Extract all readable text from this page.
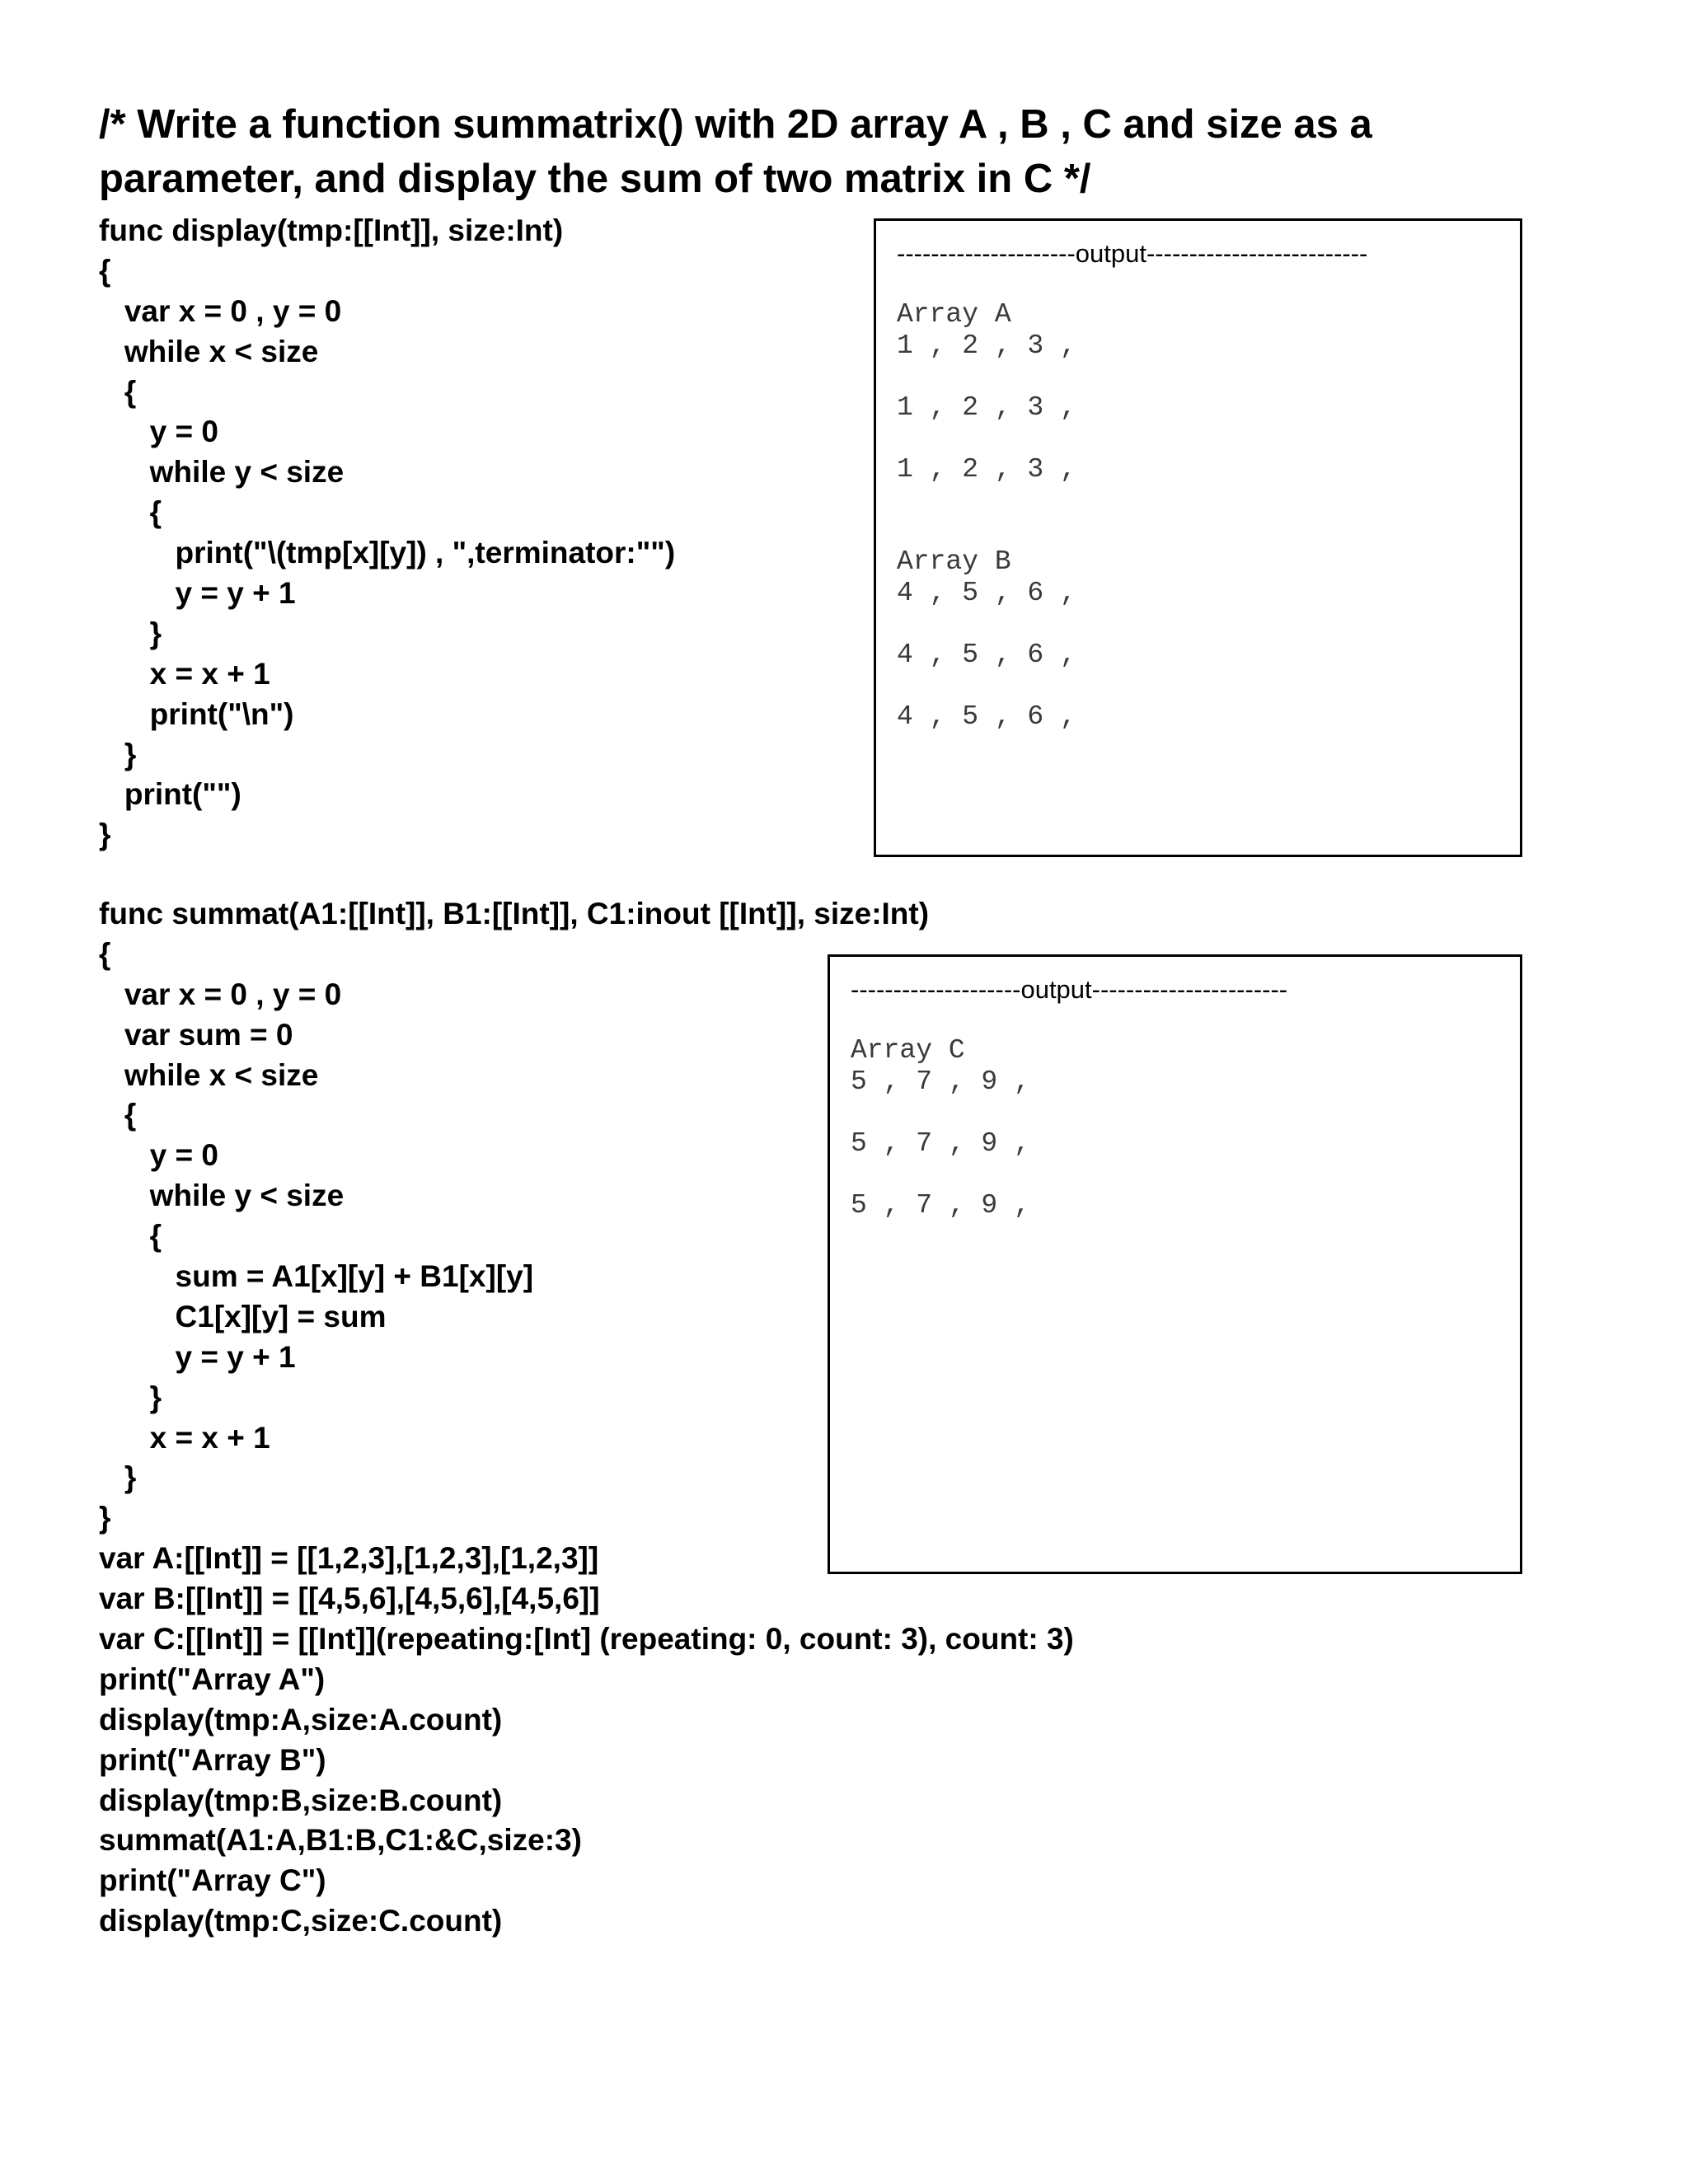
/* Write a function summatrix() with 2D array A , B , C and size as a parameter, and display the sum of two matrix in C */
func display(tmp:[[Int]], size:Int)
{
var x = 0 , y = 0
while x < size
{
y = 0
while y < size
{
print("\(tmp[x][y]) , ",terminator:"")
y = y + 1
}
x = x + 1
print("\n")
}
print("")
}
func summat(A1:[[Int]], B1:[[Int]], C1:inout [[Int]], size:Int)
{
var x = 0 , y = 0
var sum = 0
while x < size
{
y = 0
while y < size
{
sum = A1[x][y] + B1[x][y]
C1[x][y] = sum
y = y + 1
}
x = x + 1
}
}
var A:[[Int]] = [[1,2,3],[1,2,3],[1,2,3]]
var B:[[Int]] = [[4,5,6],[4,5,6],[4,5,6]]
var C:[[Int]] = [[Int]](repeating:[Int] (repeating: 0, count: 3), count: 3)
print("Array A")
display(tmp:A,size:A.count)
print("Array B")
display(tmp:B,size:B.count)
summat(A1:A,B1:B,C1:&C,size:3)
print("Array C")
display(tmp:C,size:C.count)
---------------------output--------------------------
Array A
1 , 2 , 3 ,
1 , 2 , 3 ,
1 , 2 , 3 ,
Array B
4 , 5 , 6 ,
4 , 5 , 6 ,
4 , 5 , 6 ,
--------------------output-----------------------
Array C
5 , 7 , 9 ,
5 , 7 , 9 ,
5 , 7 , 9 ,
